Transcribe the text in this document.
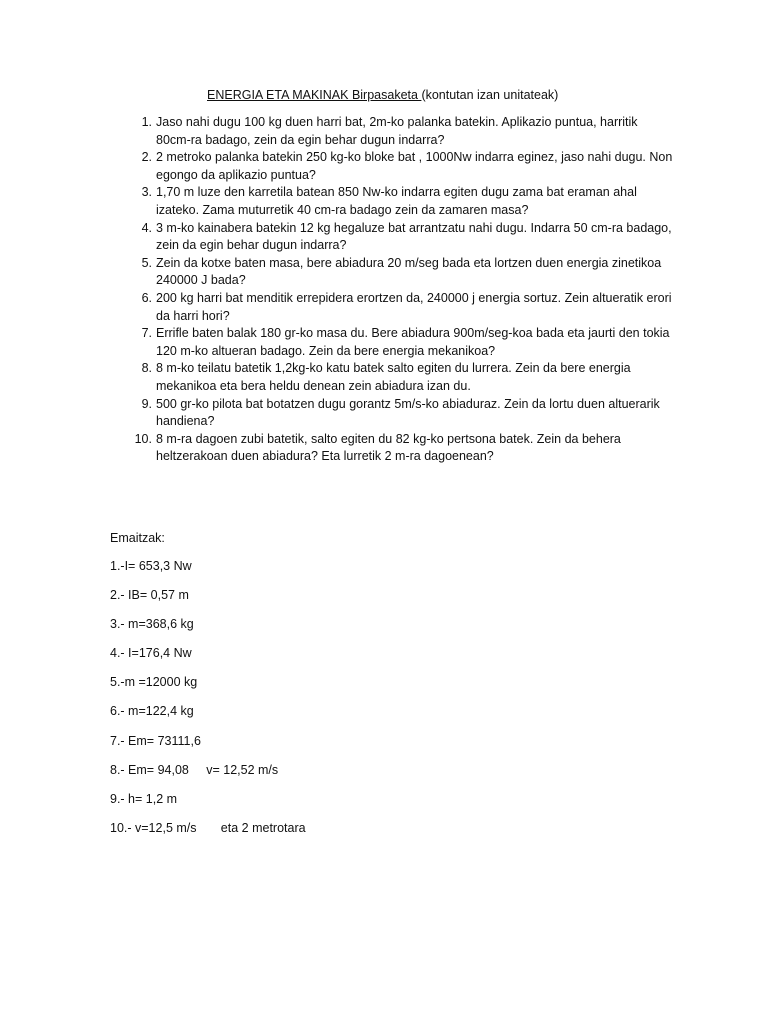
ENERGIA ETA MAKINAK Birpasaketa (kontutan izan unitateak)
1. Jaso nahi dugu 100 kg duen harri bat, 2m-ko palanka batekin. Aplikazio puntua, harritik 80cm-ra badago, zein da egin behar dugun indarra?
2. 2 metroko palanka batekin 250 kg-ko bloke bat , 1000Nw indarra eginez, jaso nahi dugu. Non egongo da aplikazio puntua?
3. 1,70 m luze den karretila batean 850 Nw-ko indarra egiten dugu zama bat eraman ahal izateko. Zama muturretik 40 cm-ra badago zein da zamaren masa?
4. 3 m-ko kainabera batekin 12 kg hegaluze bat arrantzatu nahi dugu. Indarra 50 cm-ra badago, zein da egin behar dugun indarra?
5. Zein da kotxe baten masa, bere abiadura 20 m/seg bada eta lortzen duen energia zinetikoa 240000 J bada?
6. 200 kg harri bat menditik errepidera erortzen da, 240000 j energia sortuz. Zein altueratik erori da harri hori?
7. Errifle baten balak 180 gr-ko masa du. Bere abiadura 900m/seg-koa bada eta jaurti den tokia 120 m-ko altueran badago. Zein da bere energia mekanikoa?
8. 8 m-ko teilatu batetik 1,2kg-ko katu batek salto egiten du lurrera. Zein da bere energia mekanikoa eta bera heldu denean zein abiadura izan du.
9. 500 gr-ko pilota bat botatzen dugu gorantz 5m/s-ko abiaduraz. Zein da lortu duen altuerarik handiena?
10. 8 m-ra dagoen zubi batetik, salto egiten du 82 kg-ko pertsona batek. Zein da behera heltzerakoan duen abiadura? Eta lurretik 2 m-ra dagoenean?
Emaitzak:
1.-I= 653,3 Nw
2.- IB= 0,57 m
3.- m=368,6 kg
4.- I=176,4 Nw
5.-m =12000 kg
6.- m=122,4 kg
7.- Em= 73111,6
8.- Em= 94,08     v= 12,52 m/s
9.- h= 1,2 m
10.- v=12,5 m/s       eta 2 metrotara
